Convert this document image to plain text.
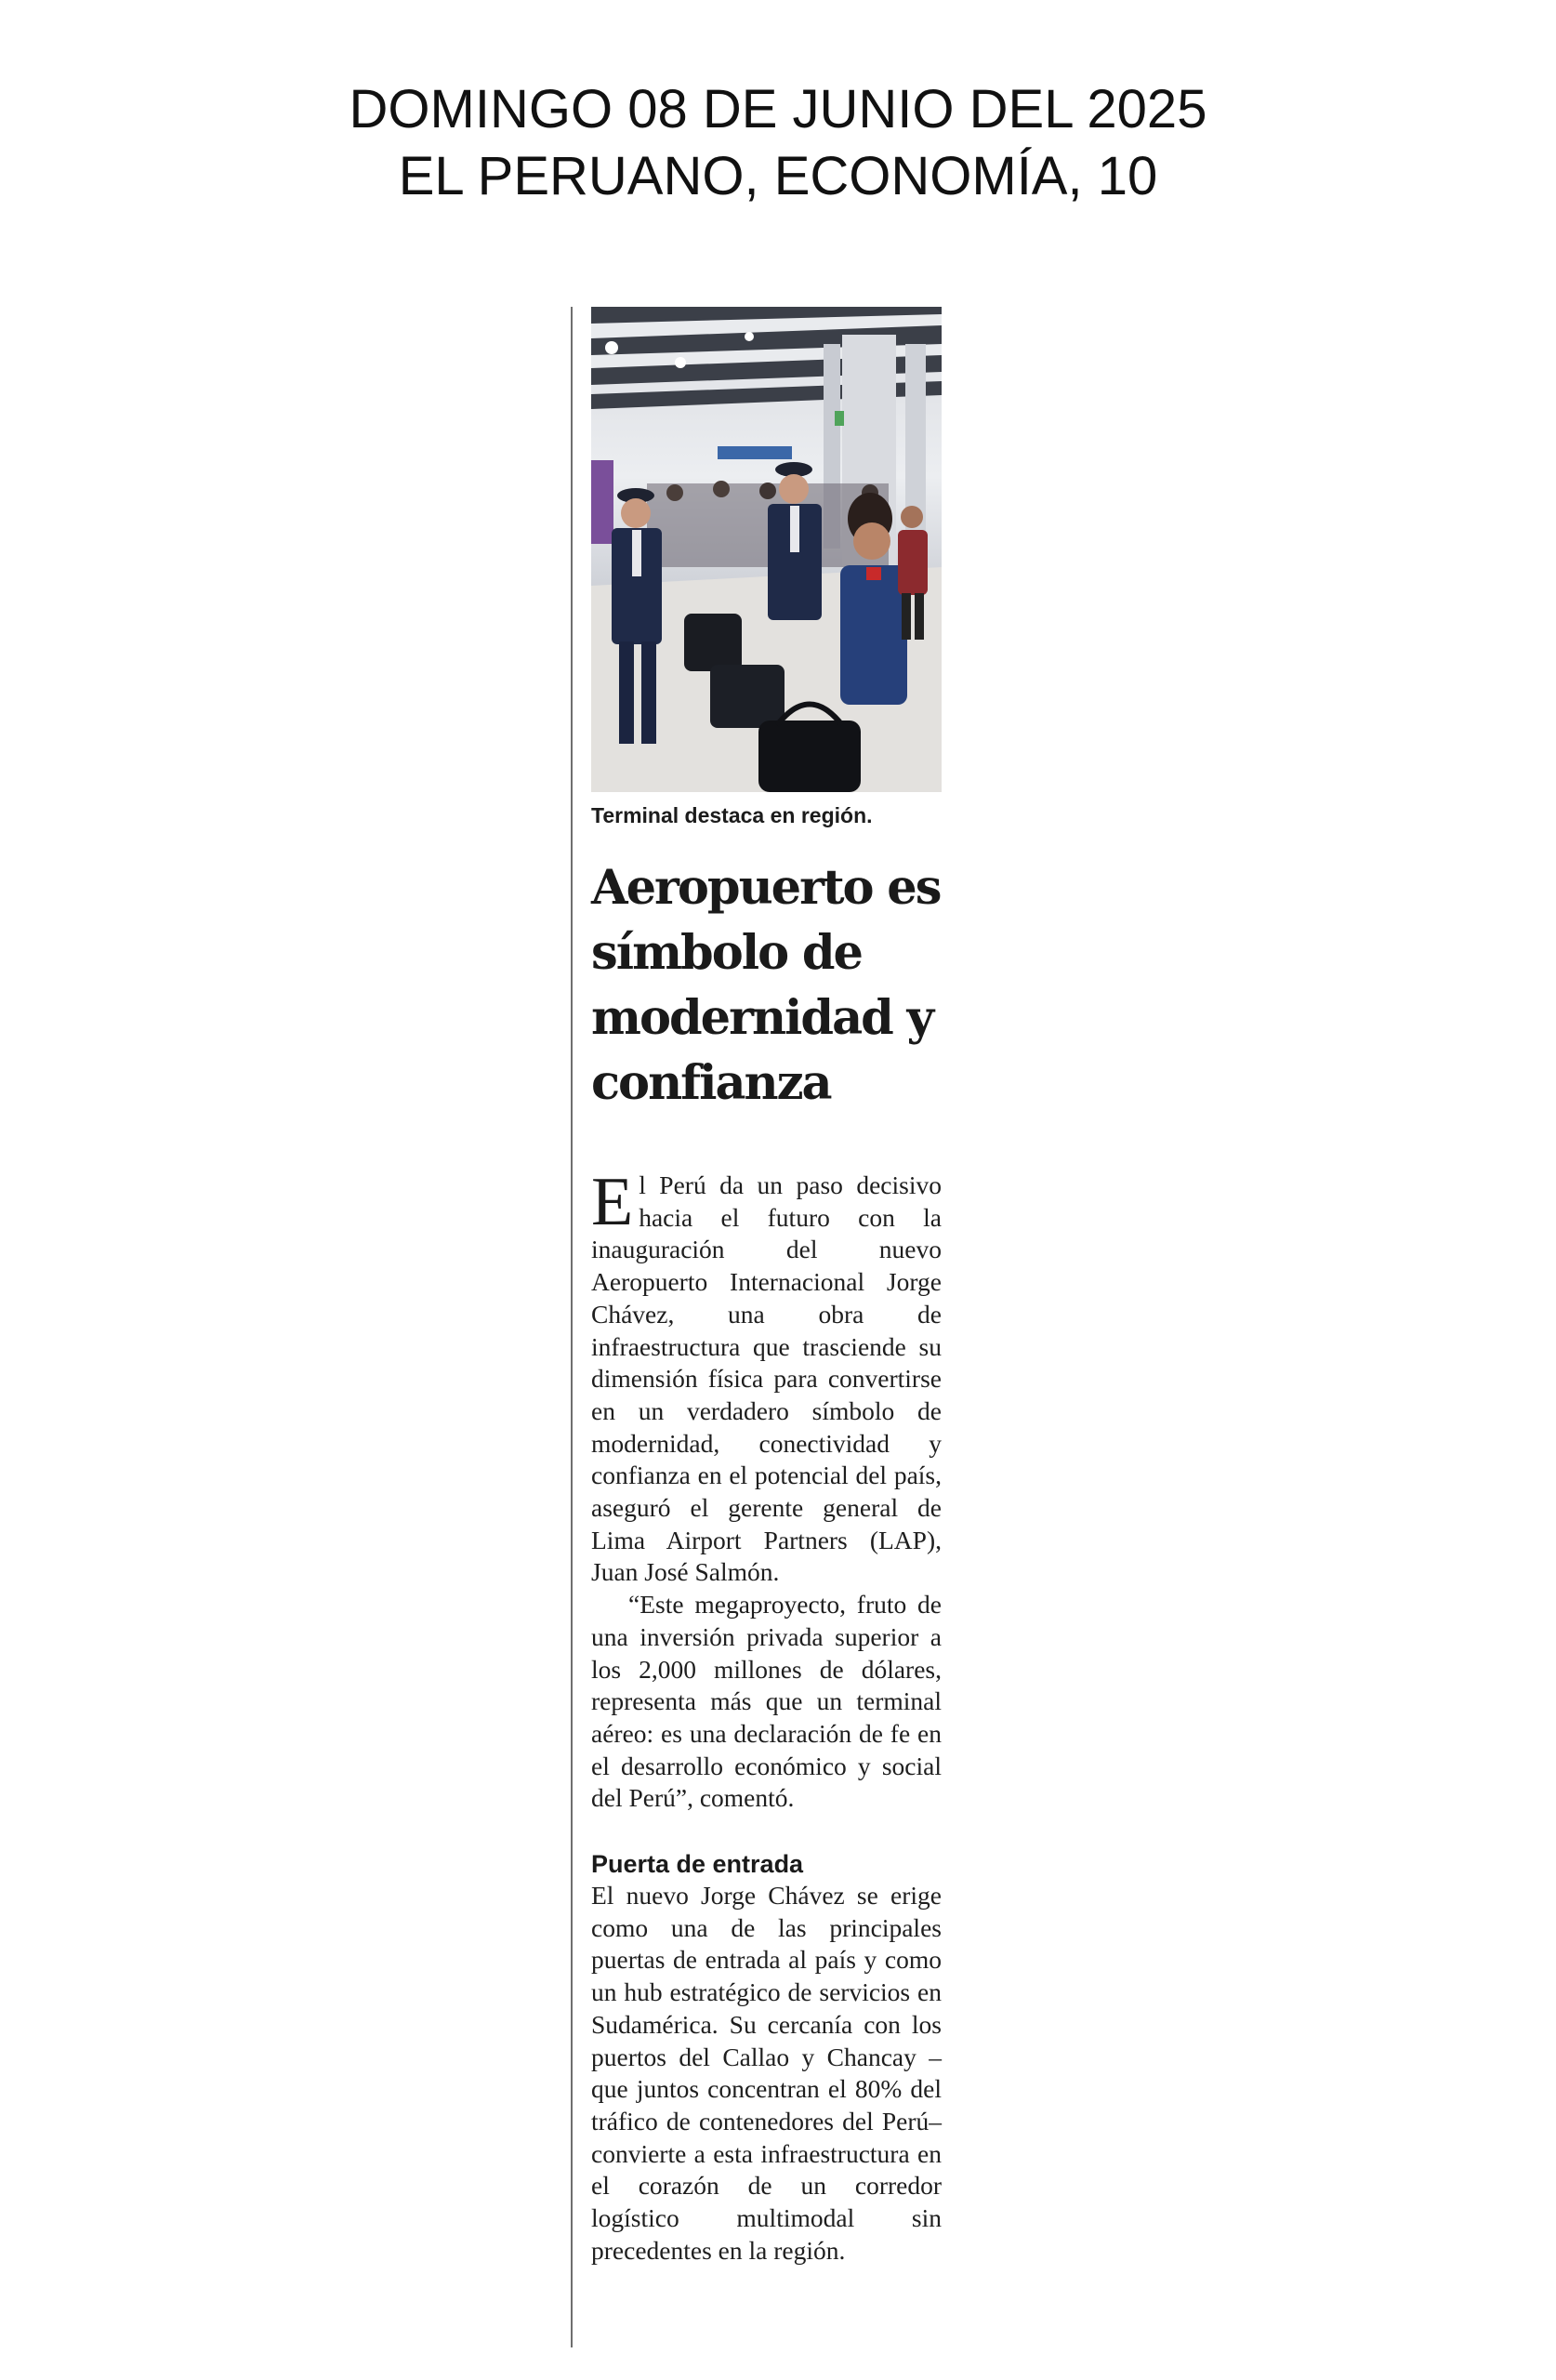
DOMINGO 08 DE JUNIO DEL 2025
EL PERUANO, ECONOMÍA, 10
Terminal destaca en región.
Aeropuerto es símbolo de modernidad y confianza

El Perú da un paso decisivo hacia el futuro con la inauguración del nuevo Aeropuerto Internacional Jorge Chávez, una obra de infraestructura que trasciende su dimensión física para convertirse en un verdadero símbolo de modernidad, conectividad y confianza en el potencial del país, aseguró el gerente general de Lima Airport Partners (LAP), Juan José Salmón.

“Este megaproyecto, fruto de una inversión privada superior a los 2,000 millones de dólares, representa más que un terminal aéreo: es una declaración de fe en el desarrollo económico y social del Perú”, comentó.

Puerta de entrada

El nuevo Jorge Chávez se erige como una de las principales puertas de entrada al país y como un hub estratégico de servicios en Sudamérica. Su cercanía con los puertos del Callao y Chancay –que juntos concentran el 80% del tráfico de contenedores del Perú– convierte a esta infraestructura en el corazón de un corredor logístico multimodal sin precedentes en la región.
